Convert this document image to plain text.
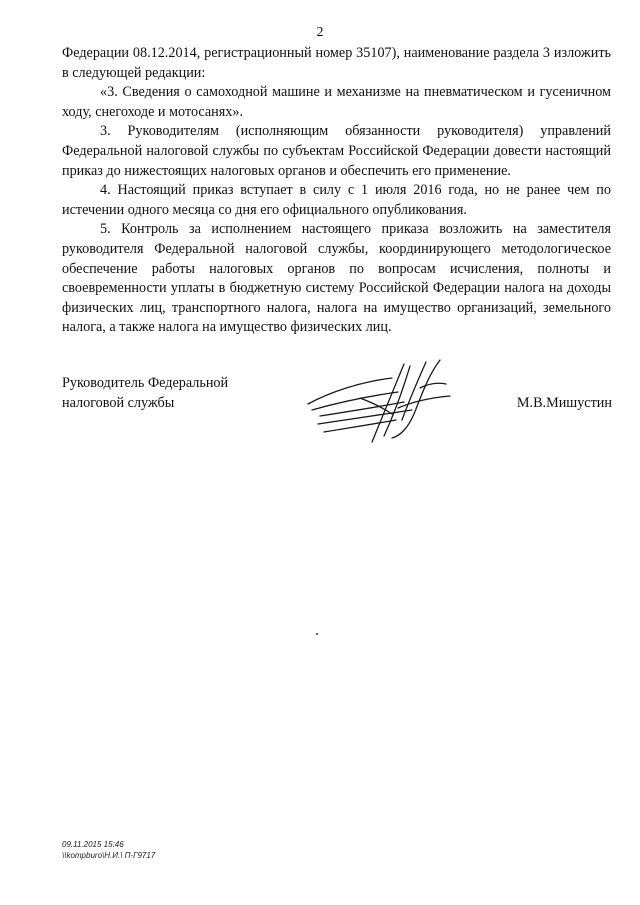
2

Федерации 08.12.2014, регистрационный номер 35107), наименование раздела 3 изложить в следующей редакции:

«3. Сведения о самоходной машине и механизме на пневматическом и гусеничном ходу, снегоходе и мотосанях».

3. Руководителям (исполняющим обязанности руководителя) управлений Федеральной налоговой службы по субъектам Российской Федерации довести настоящий приказ до нижестоящих налоговых органов и обеспечить его применение.

4. Настоящий приказ вступает в силу с 1 июля 2016 года, но не ранее чем по истечении одного месяца со дня его официального опубликования.

5. Контроль за исполнением настоящего приказа возложить на заместителя руководителя Федеральной налоговой службы, координирующего методологическое обеспечение работы налоговых органов по вопросам исчисления, полноты и своевременности уплаты в бюджетную систему Российской Федерации налога на доходы физических лиц, транспортного налога, налога на имущество организаций, земельного налога, а также налога на имущество физических лиц.

Руководитель Федеральной
налоговой службы	М.В.Мишустин
09.11.2015 15:46
\\kompburo\Н.И.\ П-Г9717
